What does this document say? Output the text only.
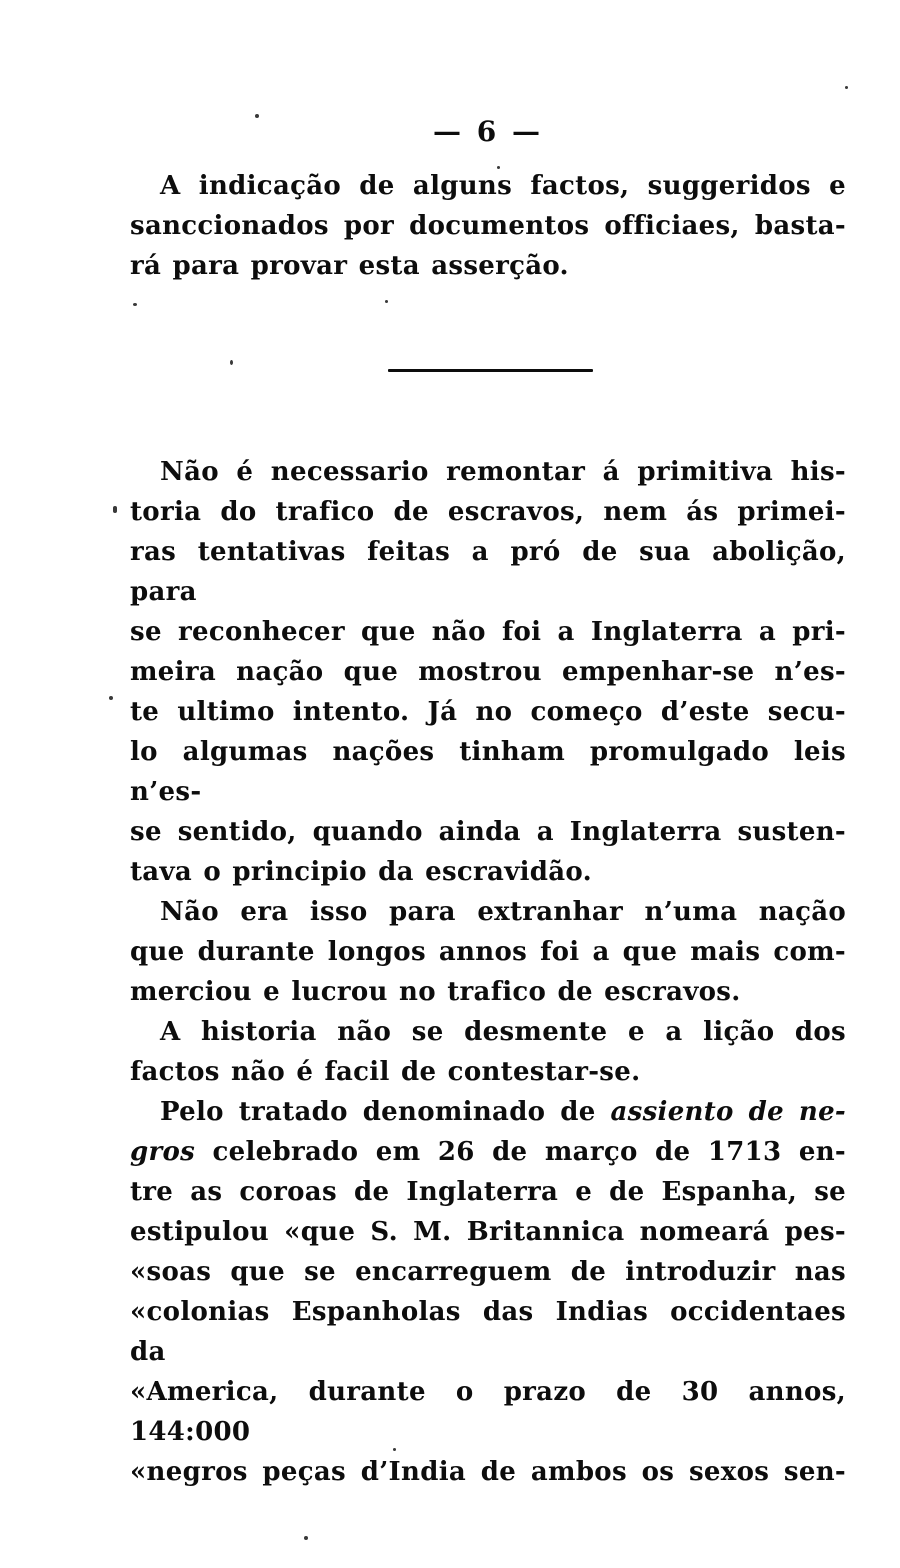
— 6 —
A indicação de alguns factos, suggeridos e
sanccionados por documentos officiaes, basta-
rá para provar esta asserção.
Não é necessario remontar á primitiva his-
toria do trafico de escravos, nem ás primei-
ras tentativas feitas a pró de sua abolição, para
se reconhecer que não foi a Inglaterra a pri-
meira nação que mostrou empenhar-se n’es-
te ultimo intento. Já no começo d’este secu-
lo algumas nações tinham promulgado leis n’es-
se sentido, quando ainda a Inglaterra susten-
tava o principio da escravidão.
Não era isso para extranhar n’uma nação
que durante longos annos foi a que mais com-
merciou e lucrou no trafico de escravos.
A historia não se desmente e a lição dos
factos não é facil de contestar-se.
Pelo tratado denominado de assiento de ne-
gros celebrado em 26 de março de 1713 en-
tre as coroas de Inglaterra e de Espanha, se
estipulou «que S. M. Britannica nomeará pes-
«soas que se encarreguem de introduzir nas
«colonias Espanholas das Indias occidentaes da
«America, durante o prazo de 30 annos, 144:000
«negros peças d’India de ambos os sexos sen-
